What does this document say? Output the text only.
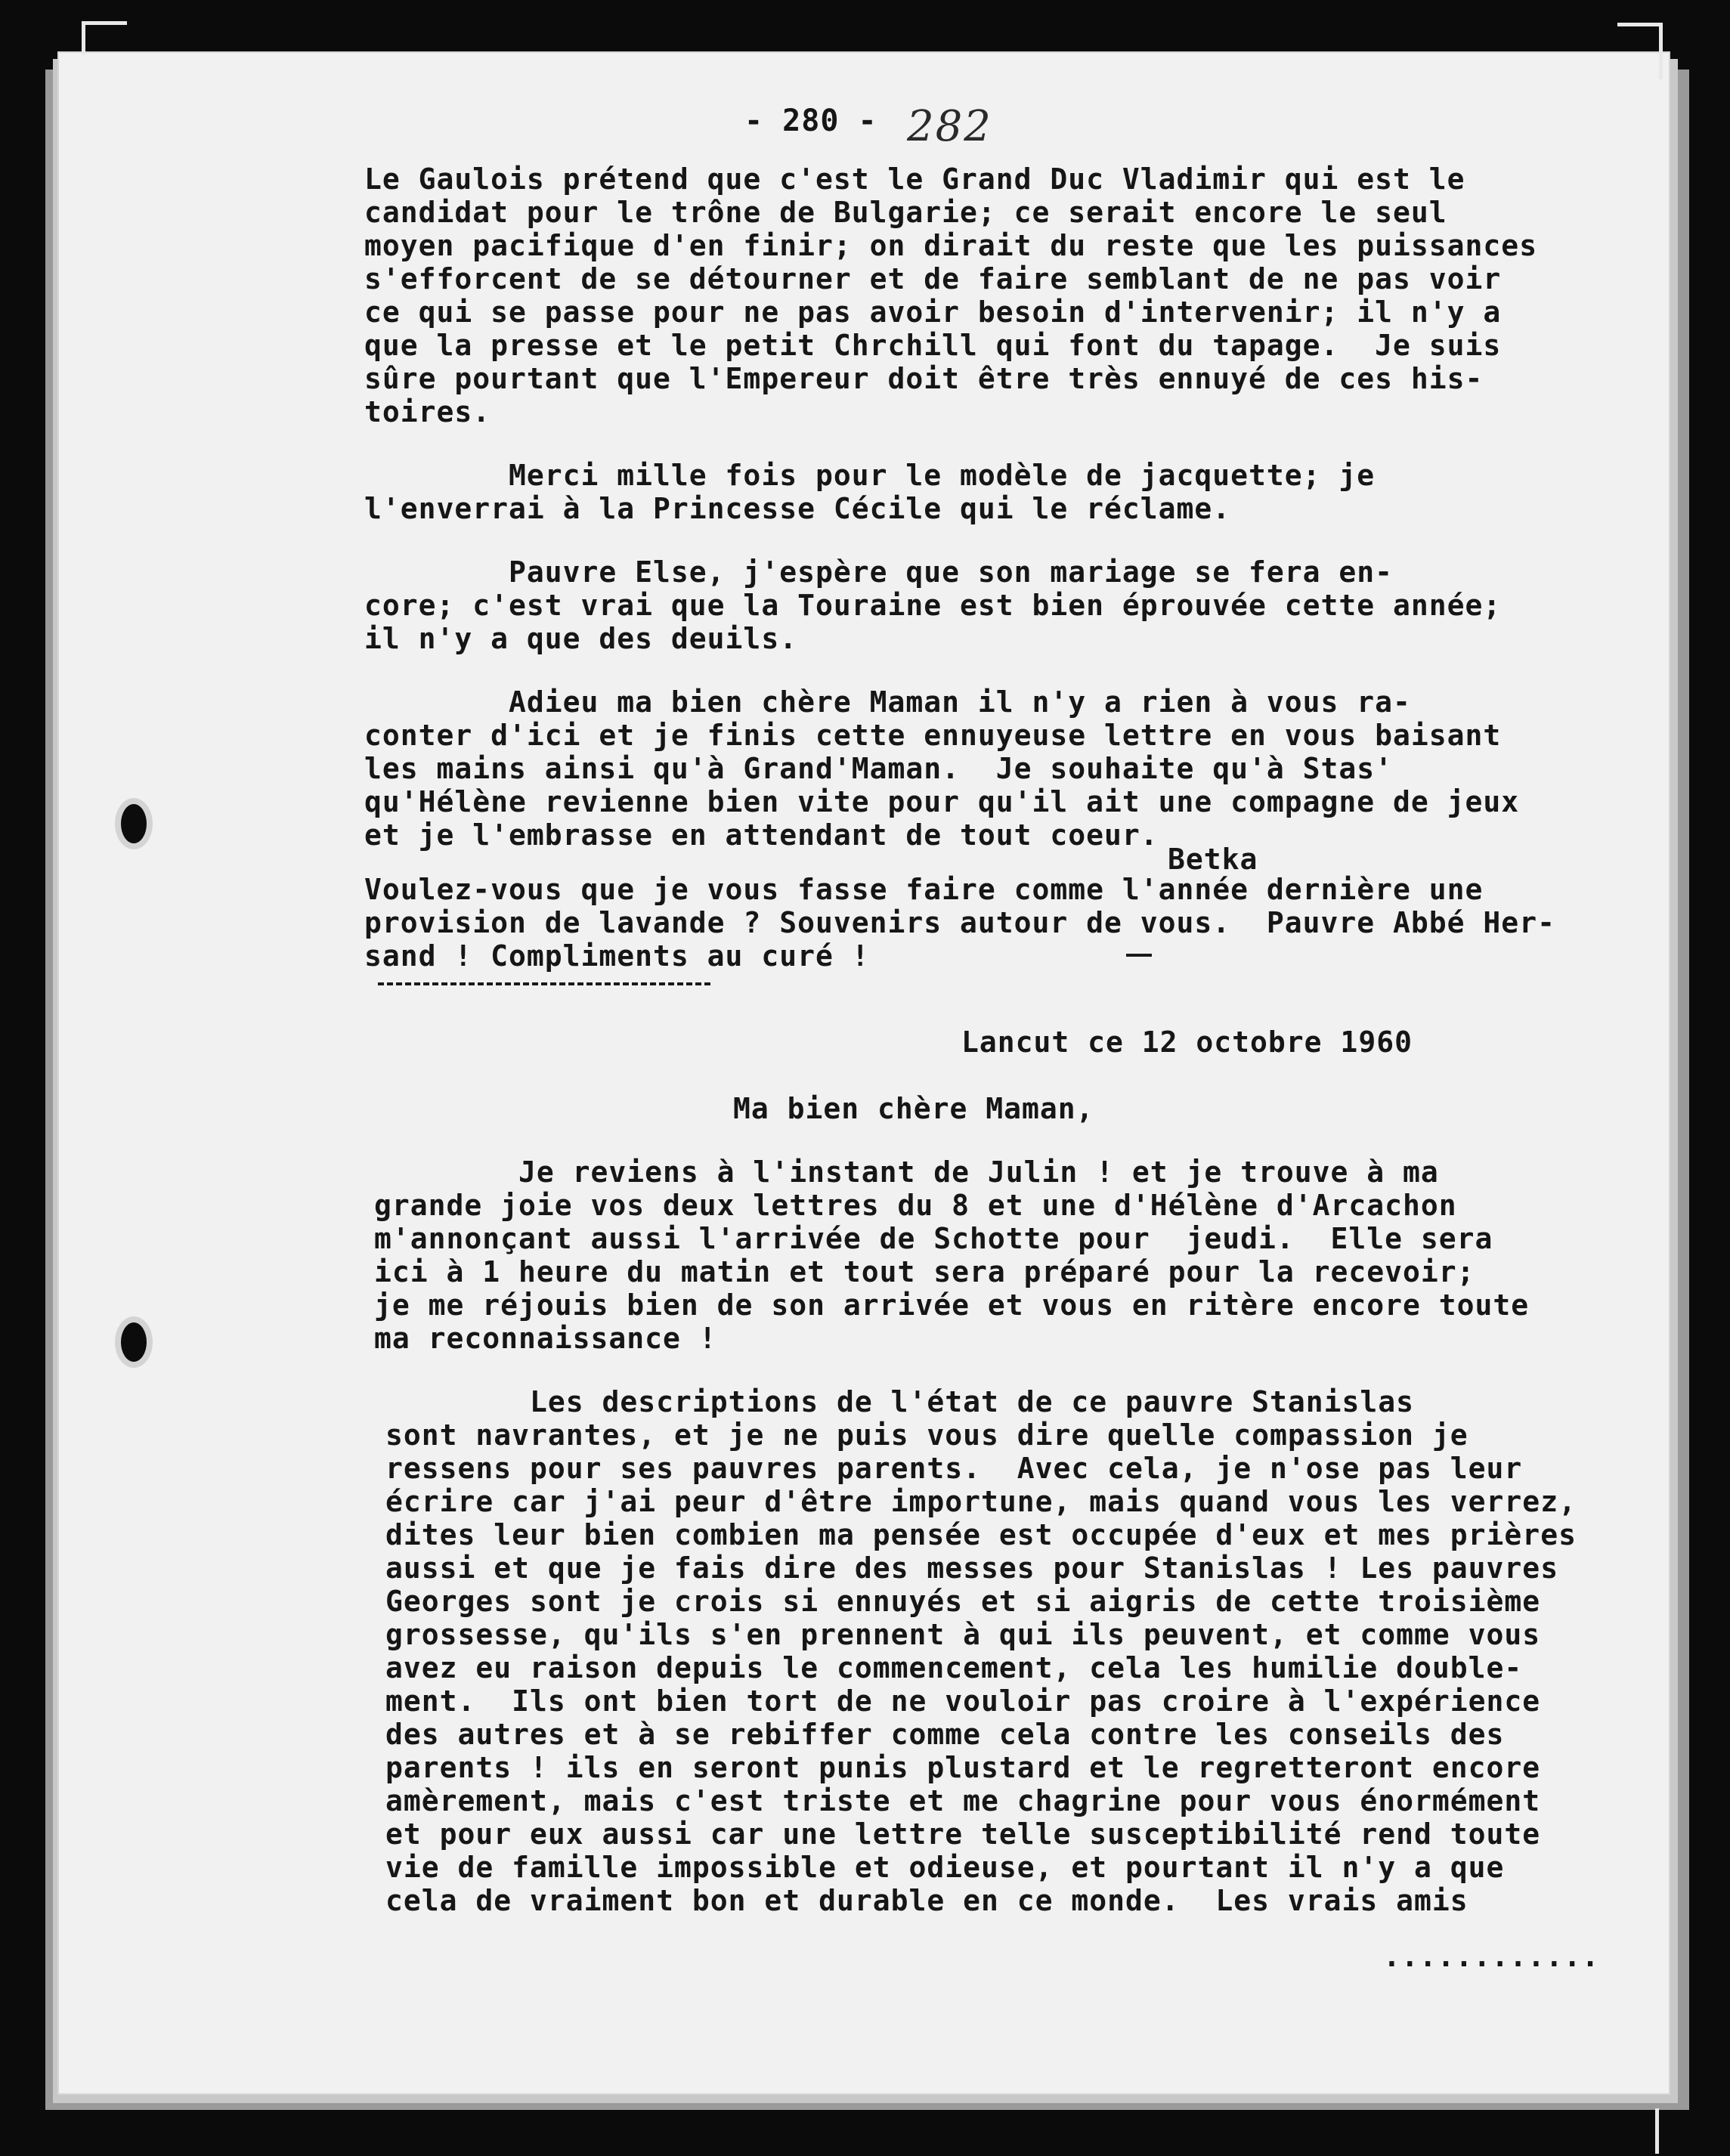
- 280 - 282
Le Gaulois prétend que c'est le Grand Duc Vladimir qui est le
candidat pour le trône de Bulgarie; ce serait encore le seul
moyen pacifique d'en finir; on dirait du reste que les puissances
s'efforcent de se détourner et de faire semblant de ne pas voir
ce qui se passe pour ne pas avoir besoin d'intervenir; il n'y a
que la presse et le petit Chrchill qui font du tapage.  Je suis
sûre pourtant que l'Empereur doit être très ennuyé de ces his-
toires.
Merci mille fois pour le modèle de jacquette; je
l'enverrai à la Princesse Cécile qui le réclame.
Pauvre Else, j'espère que son mariage se fera en-
core; c'est vrai que la Touraine est bien éprouvée cette année;
il n'y a que des deuils.
Adieu ma bien chère Maman il n'y a rien à vous ra-
conter d'ici et je finis cette ennuyeuse lettre en vous baisant
les mains ainsi qu'à Grand'Maman.  Je souhaite qu'à Stas'
qu'Hélène revienne bien vite pour qu'il ait une compagne de jeux
et je l'embrasse en attendant de tout coeur.
Betka
Voulez-vous que je vous fasse faire comme l'année dernière une
provision de lavande ? Souvenirs autour de vous.  Pauvre Abbé Her-
sand ! Compliments au curé !
Lancut ce 12 octobre 1960
Ma bien chère Maman,
Je reviens à l'instant de Julin ! et je trouve à ma
grande joie vos deux lettres du 8 et une d'Hélène d'Arcachon
m'annonçant aussi l'arrivée de Schotte pour  jeudi.  Elle sera
ici à 1 heure du matin et tout sera préparé pour la recevoir;
je me réjouis bien de son arrivée et vous en ritère encore toute
ma reconnaissance !
Les descriptions de l'état de ce pauvre Stanislas
sont navrantes, et je ne puis vous dire quelle compassion je
ressens pour ses pauvres parents.  Avec cela, je n'ose pas leur
écrire car j'ai peur d'être importune, mais quand vous les verrez,
dites leur bien combien ma pensée est occupée d'eux et mes prières
aussi et que je fais dire des messes pour Stanislas ! Les pauvres
Georges sont je crois si ennuyés et si aigris de cette troisième
grossesse, qu'ils s'en prennent à qui ils peuvent, et comme vous
avez eu raison depuis le commencement, cela les humilie double-
ment.  Ils ont bien tort de ne vouloir pas croire à l'expérience
des autres et à se rebiffer comme cela contre les conseils des
parents ! ils en seront punis plustard et le regretteront encore
amèrement, mais c'est triste et me chagrine pour vous énormément
et pour eux aussi car une lettre telle susceptibilité rend toute
vie de famille impossible et odieuse, et pourtant il n'y a que
cela de vraiment bon et durable en ce monde.  Les vrais amis
............
